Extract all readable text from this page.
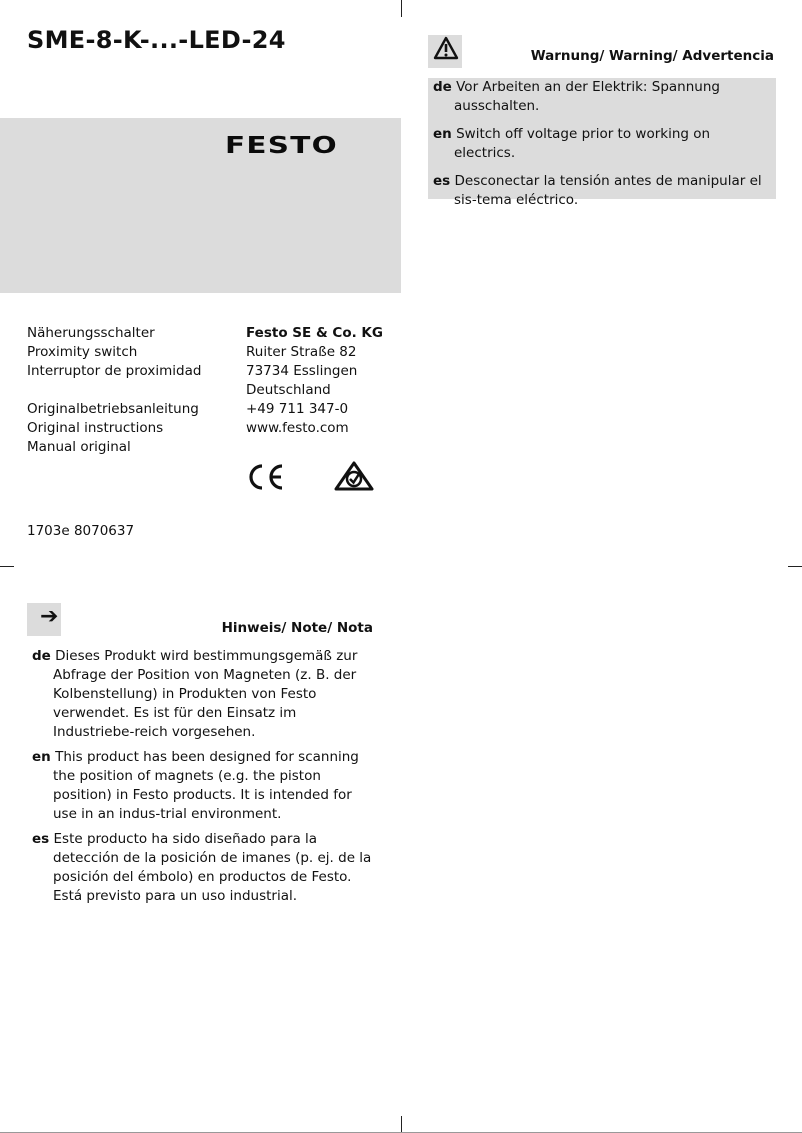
SME-8-K-...-LED-24
FESTO
Näherungsschalter
Proximity switch
Interruptor de proximidad
Originalbetriebsanleitung
Original instructions
Manual original
Festo SE & Co. KG
Ruiter Straße 82
73734 Esslingen
Deutschland
+49 711 347-0
www.festo.com
1703e 8070637
➔	Hinweis/ Note/ Nota

de Dieses Produkt wird bestimmungsgemäß zur Abfrage der Position von Magneten (z. B. der Kolbenstellung) in Produkten von Festo verwendet. Es ist für den Einsatz im Industriebe-reich vorgesehen.

en This product has been designed for scanning the position of magnets (e.g. the piston position) in Festo products. It is intended for use in an indus-trial environment.

es Este producto ha sido diseñado para la detección de la posición de imanes (p. ej. de la posición del émbolo) en productos de Festo. Está previsto para un uso industrial.

Warnung/ Warning/ Advertencia

de Vor Arbeiten an der Elektrik: Spannung ausschalten.

en Switch off voltage prior to working on electrics.

es Desconectar la tensión antes de manipular el sis-tema eléctrico.
